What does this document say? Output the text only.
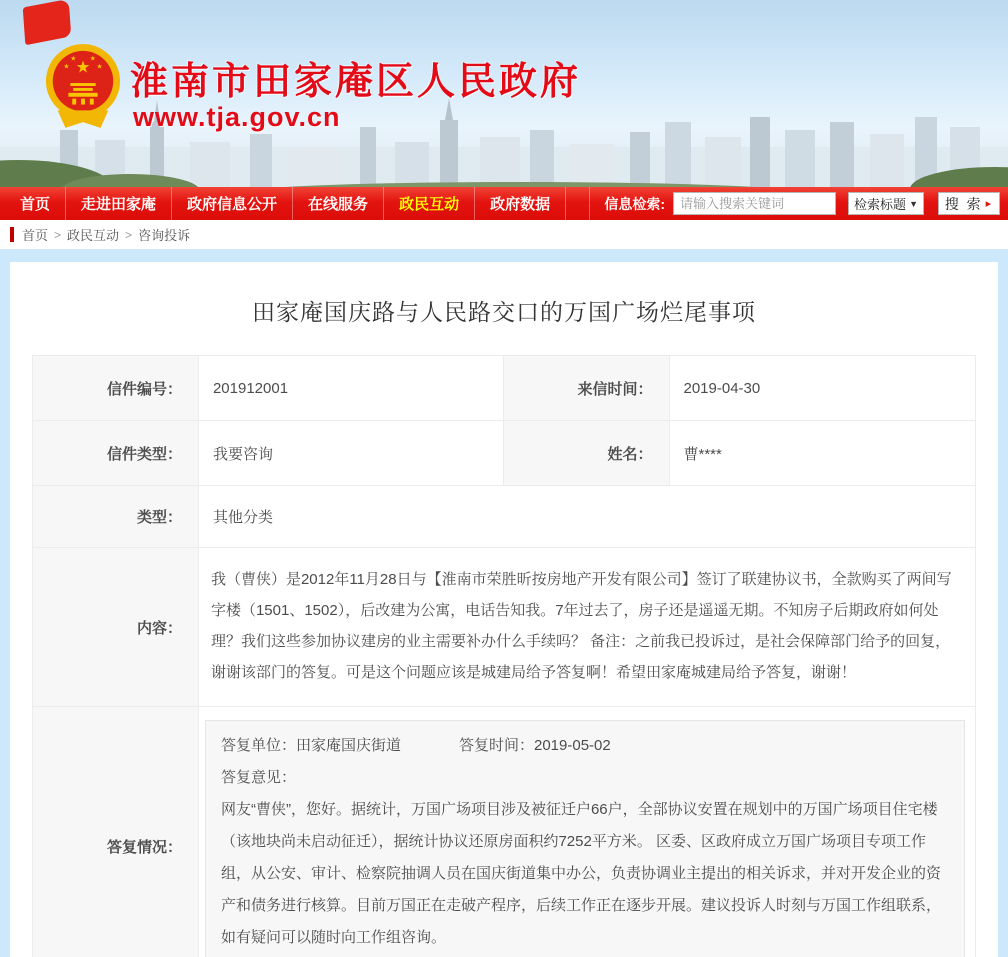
★
★
★ ★
★ 淮南市田家庵区人民政府
www.tja.gov.cn
首页	走进田家庵	政府信息公开	在线服务	政民互动	政府数据	信息检索:
请输入搜索关键词	检索标题 ▼ 搜 索 ▸
首页 > 政民互动 > 咨询投诉
田家庵国庆路与人民路交口的万国广场烂尾事项
信件编号：	201912001	来信时间：	2019-04-30
信件类型：	我要咨询	姓名：	曹****
类型：	其他分类		
内容：	我（曹侠）是2012年11月28日与【淮南市荣胜昕按房地产开发有限公司】签订了联建协议书，全款购买了两间写字楼（1501、1502），后改建为公寓，电话告知我。7年过去了，房子还是遥遥无期。不知房子后期政府如何处理？我们这些参加协议建房的业主需要补办什么手续吗？ 备注：之前我已投诉过，是社会保障部门给予的回复，谢谢该部门的答复。可是这个问题应该是城建局给予答复啊！希望田家庵城建局给予答复，谢谢！		
答复情况：	答复单位：田家庵国庆街道 答复时间：2019-05-02
答复意见：
网友“曹侠”，您好。据统计，万国广场项目涉及被征迁户66户，全部协议安置在规划中的万国广场项目住宅楼（该地块尚未启动征迁），据统计协议还原房面积约7252平方米。 区委、区政府成立万国广场项目专项工作组，从公安、审计、检察院抽调人员在国庆街道集中办公，负责协调业主提出的相关诉求，并对开发企业的资产和债务进行核算。目前万国正在走破产程序，后续工作正在逐步开展。建议投诉人时刻与万国工作组联系，如有疑问可以随时向工作组咨询。		
